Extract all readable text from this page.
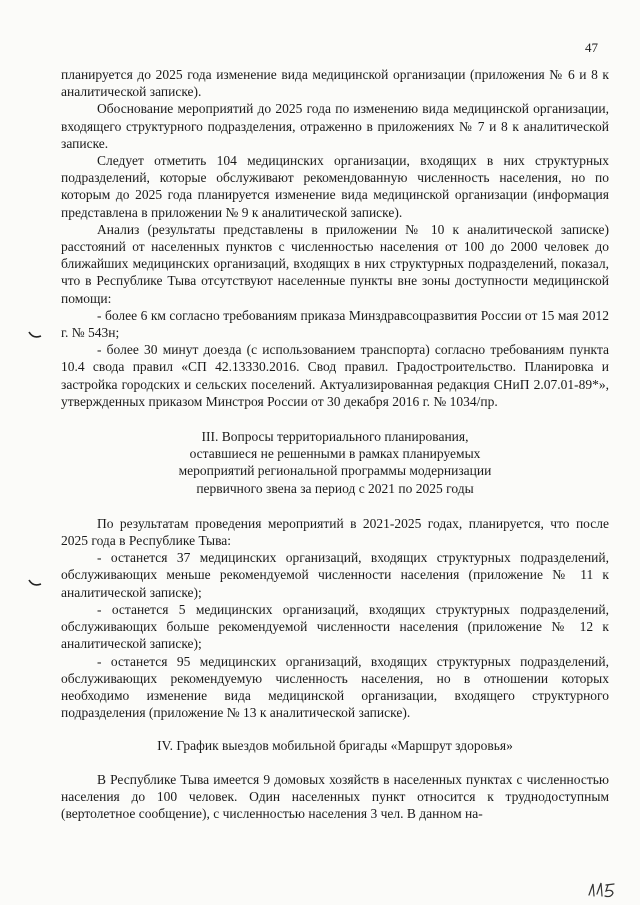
47

планируется до 2025 года изменение вида медицинской организации (приложения № 6 и 8 к аналитической записке).

Обоснование мероприятий до 2025 года по изменению вида медицинской организации, входящего структурного подразделения, отраженно в приложениях № 7 и 8 к аналитической записке.

Следует отметить 104 медицинских организации, входящих в них структурных подразделений, которые обслуживают рекомендованную численность населения, но по которым до 2025 года планируется изменение вида медицинской организации (информация представлена в приложении № 9 к аналитической записке).

Анализ (результаты представлены в приложении № 10 к аналитической записке) расстояний от населенных пунктов с численностью населения от 100 до 2000 человек до ближайших медицинских организаций, входящих в них структурных подразделений, показал, что в Республике Тыва отсутствуют населенные пункты вне зоны доступности медицинской помощи:

- более 6 км согласно требованиям приказа Минздравсоцразвития России от 15 мая 2012 г. № 543н;

- более 30 минут доезда (с использованием транспорта) согласно требованиям пункта 10.4 свода правил «СП 42.13330.2016. Свод правил. Градостроительство. Планировка и застройка городских и сельских поселений. Актуализированная редакция СНиП 2.07.01-89*», утвержденных приказом Минстроя России от 30 декабря 2016 г. № 1034/пр.

III. Вопросы территориального планирования,
оставшиеся не решенными в рамках планируемых
мероприятий региональной программы модернизации
первичного звена за период с 2021 по 2025 годы

По результатам проведения мероприятий в 2021-2025 годах, планируется, что после 2025 года в Республике Тыва:

- останется 37 медицинских организаций, входящих структурных подразделений, обслуживающих меньше рекомендуемой численности населения (приложение № 11 к аналитической записке);

- останется 5 медицинских организаций, входящих структурных подразделений, обслуживающих больше рекомендуемой численности населения (приложение № 12 к аналитической записке);

- останется 95 медицинских организаций, входящих структурных подразделений, обслуживающих рекомендуемую численность населения, но в отношении которых необходимо изменение вида медицинской организации, входящего структурного подразделения (приложение № 13 к аналитической записке).

IV. График выездов мобильной бригады «Маршрут здоровья»

В Республике Тыва имеется 9 домовых хозяйств в населенных пунктах с численностью населения до 100 человек. Один населенных пункт относится к труднодоступным (вертолетное сообщение), с численностью населения 3 чел. В данном на-
